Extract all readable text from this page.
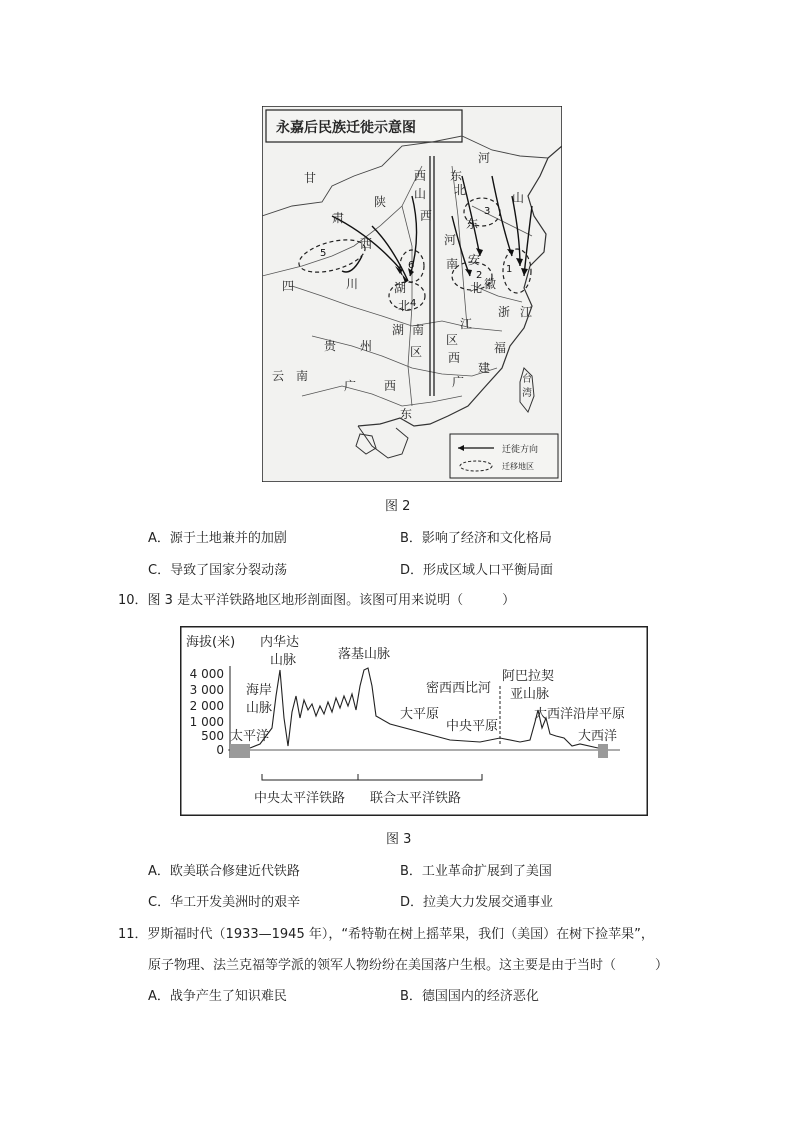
永嘉后民族迁徙示意图
甘
肃
陕
西
四	川
西
山
西
河
南
湖
北
湖 南
区
贵 州
云 南
广 西
东
江
区
西
东
北
东
安
徽
北
浙 江
福
建
广	台
湾
河
山
1
2
3
4
5
6
迁徙方向
迁移地区
图 2
A．源于土地兼并的加剧	B．影响了经济和文化格局
C．导致了国家分裂动荡	D．形成区域人口平衡局面
10．图 3 是太平洋铁路地区地形剖面图。该图可用来说明（　　　）
海拔(米)
4 000
3 000
2 000
1 000
500
0
内华达
山脉	落基山脉
海岸
山脉
密西西比河
阿巴拉契
亚山脉
大平原
中央平原
大西洋沿岸平原
太平洋	大西洋
中央太平洋铁路 联合太平洋铁路
图 3
A．欧美联合修建近代铁路	B．工业革命扩展到了美国
C．华工开发美洲时的艰辛	D．拉美大力发展交通事业
11．罗斯福时代（1933—1945 年），“希特勒在树上摇苹果，我们（美国）在树下捡苹果”，
原子物理、法兰克福等学派的领军人物纷纷在美国落户生根。这主要是由于当时（　　　）
A．战争产生了知识难民	B．德国国内的经济恶化
